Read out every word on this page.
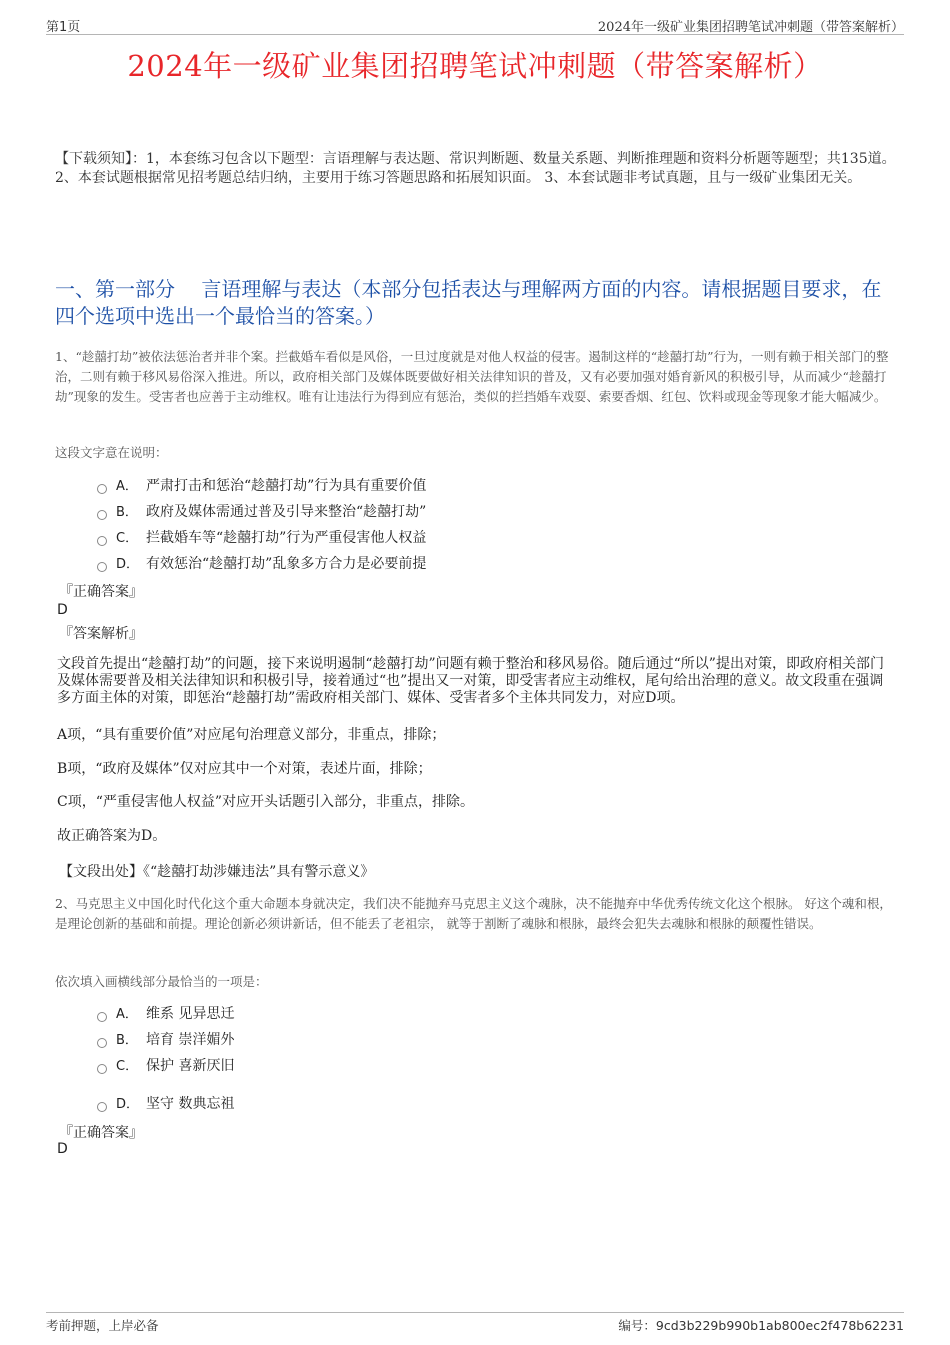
第1页	2024年一级矿业集团招聘笔试冲刺题（带答案解析）
2024年一级矿业集团招聘笔试冲刺题（带答案解析）
【下载须知】：1，本套练习包含以下题型：言语理解与表达题、常识判断题、数量关系题、判断推理题和资料分析题等题型；共135道。 2、本套试题根据常见招考题总结归纳，主要用于练习答题思路和拓展知识面。 3、本套试题非考试真题，且与一级矿业集团无关。
一、第一部分　 言语理解与表达（本部分包括表达与理解两方面的内容。请根据题目要求，在四个选项中选出一个最恰当的答案。）
1、“趁囍打劫”被依法惩治者并非个案。拦截婚车看似是风俗，一旦过度就是对他人权益的侵害。遏制这样的“趁囍打劫”行为，一则有赖于相关部门的整治，二则有赖于移风易俗深入推进。所以，政府相关部门及媒体既要做好相关法律知识的普及，又有必要加强对婚育新风的积极引导，从而减少“趁囍打劫”现象的发生。受害者也应善于主动维权。唯有让违法行为得到应有惩治，类似的拦挡婚车戏耍、索要香烟、红包、饮料或现金等现象才能大幅减少。
这段文字意在说明：
A． 严肃打击和惩治“趁囍打劫”行为具有重要价值
B． 政府及媒体需通过普及引导来整治“趁囍打劫”
C． 拦截婚车等“趁囍打劫”行为严重侵害他人权益
D． 有效惩治“趁囍打劫”乱象多方合力是必要前提
『正确答案』
D
『答案解析』
文段首先提出“趁囍打劫”的问题，接下来说明遏制“趁囍打劫”问题有赖于整治和移风易俗。随后通过“所以”提出对策，即政府相关部门及媒体需要普及相关法律知识和积极引导，接着通过“也”提出又一对策，即受害者应主动维权，尾句给出治理的意义。故文段重在强调多方面主体的对策，即惩治“趁囍打劫”需政府相关部门、媒体、受害者多个主体共同发力，对应D项。
A项，“具有重要价值”对应尾句治理意义部分，非重点，排除；
B项，“政府及媒体”仅对应其中一个对策，表述片面，排除；
C项，“严重侵害他人权益”对应开头话题引入部分，非重点，排除。
故正确答案为D。
【文段出处】《“趁囍打劫涉嫌违法”具有警示意义》
2、马克思主义中国化时代化这个重大命题本身就决定，我们决不能抛弃马克思主义这个魂脉，决不能抛弃中华优秀传统文化这个根脉。 好这个魂和根，是理论创新的基础和前提。理论创新必须讲新话，但不能丢了老祖宗， 就等于割断了魂脉和根脉，最终会犯失去魂脉和根脉的颠覆性错误。
依次填入画横线部分最恰当的一项是：
A． 维系 见异思迁
B． 培育 崇洋媚外
C． 保护 喜新厌旧
D． 坚守 数典忘祖
『正确答案』
D
考前押题，上岸必备	编号：9cd3b229b990b1ab800ec2f478b62231
